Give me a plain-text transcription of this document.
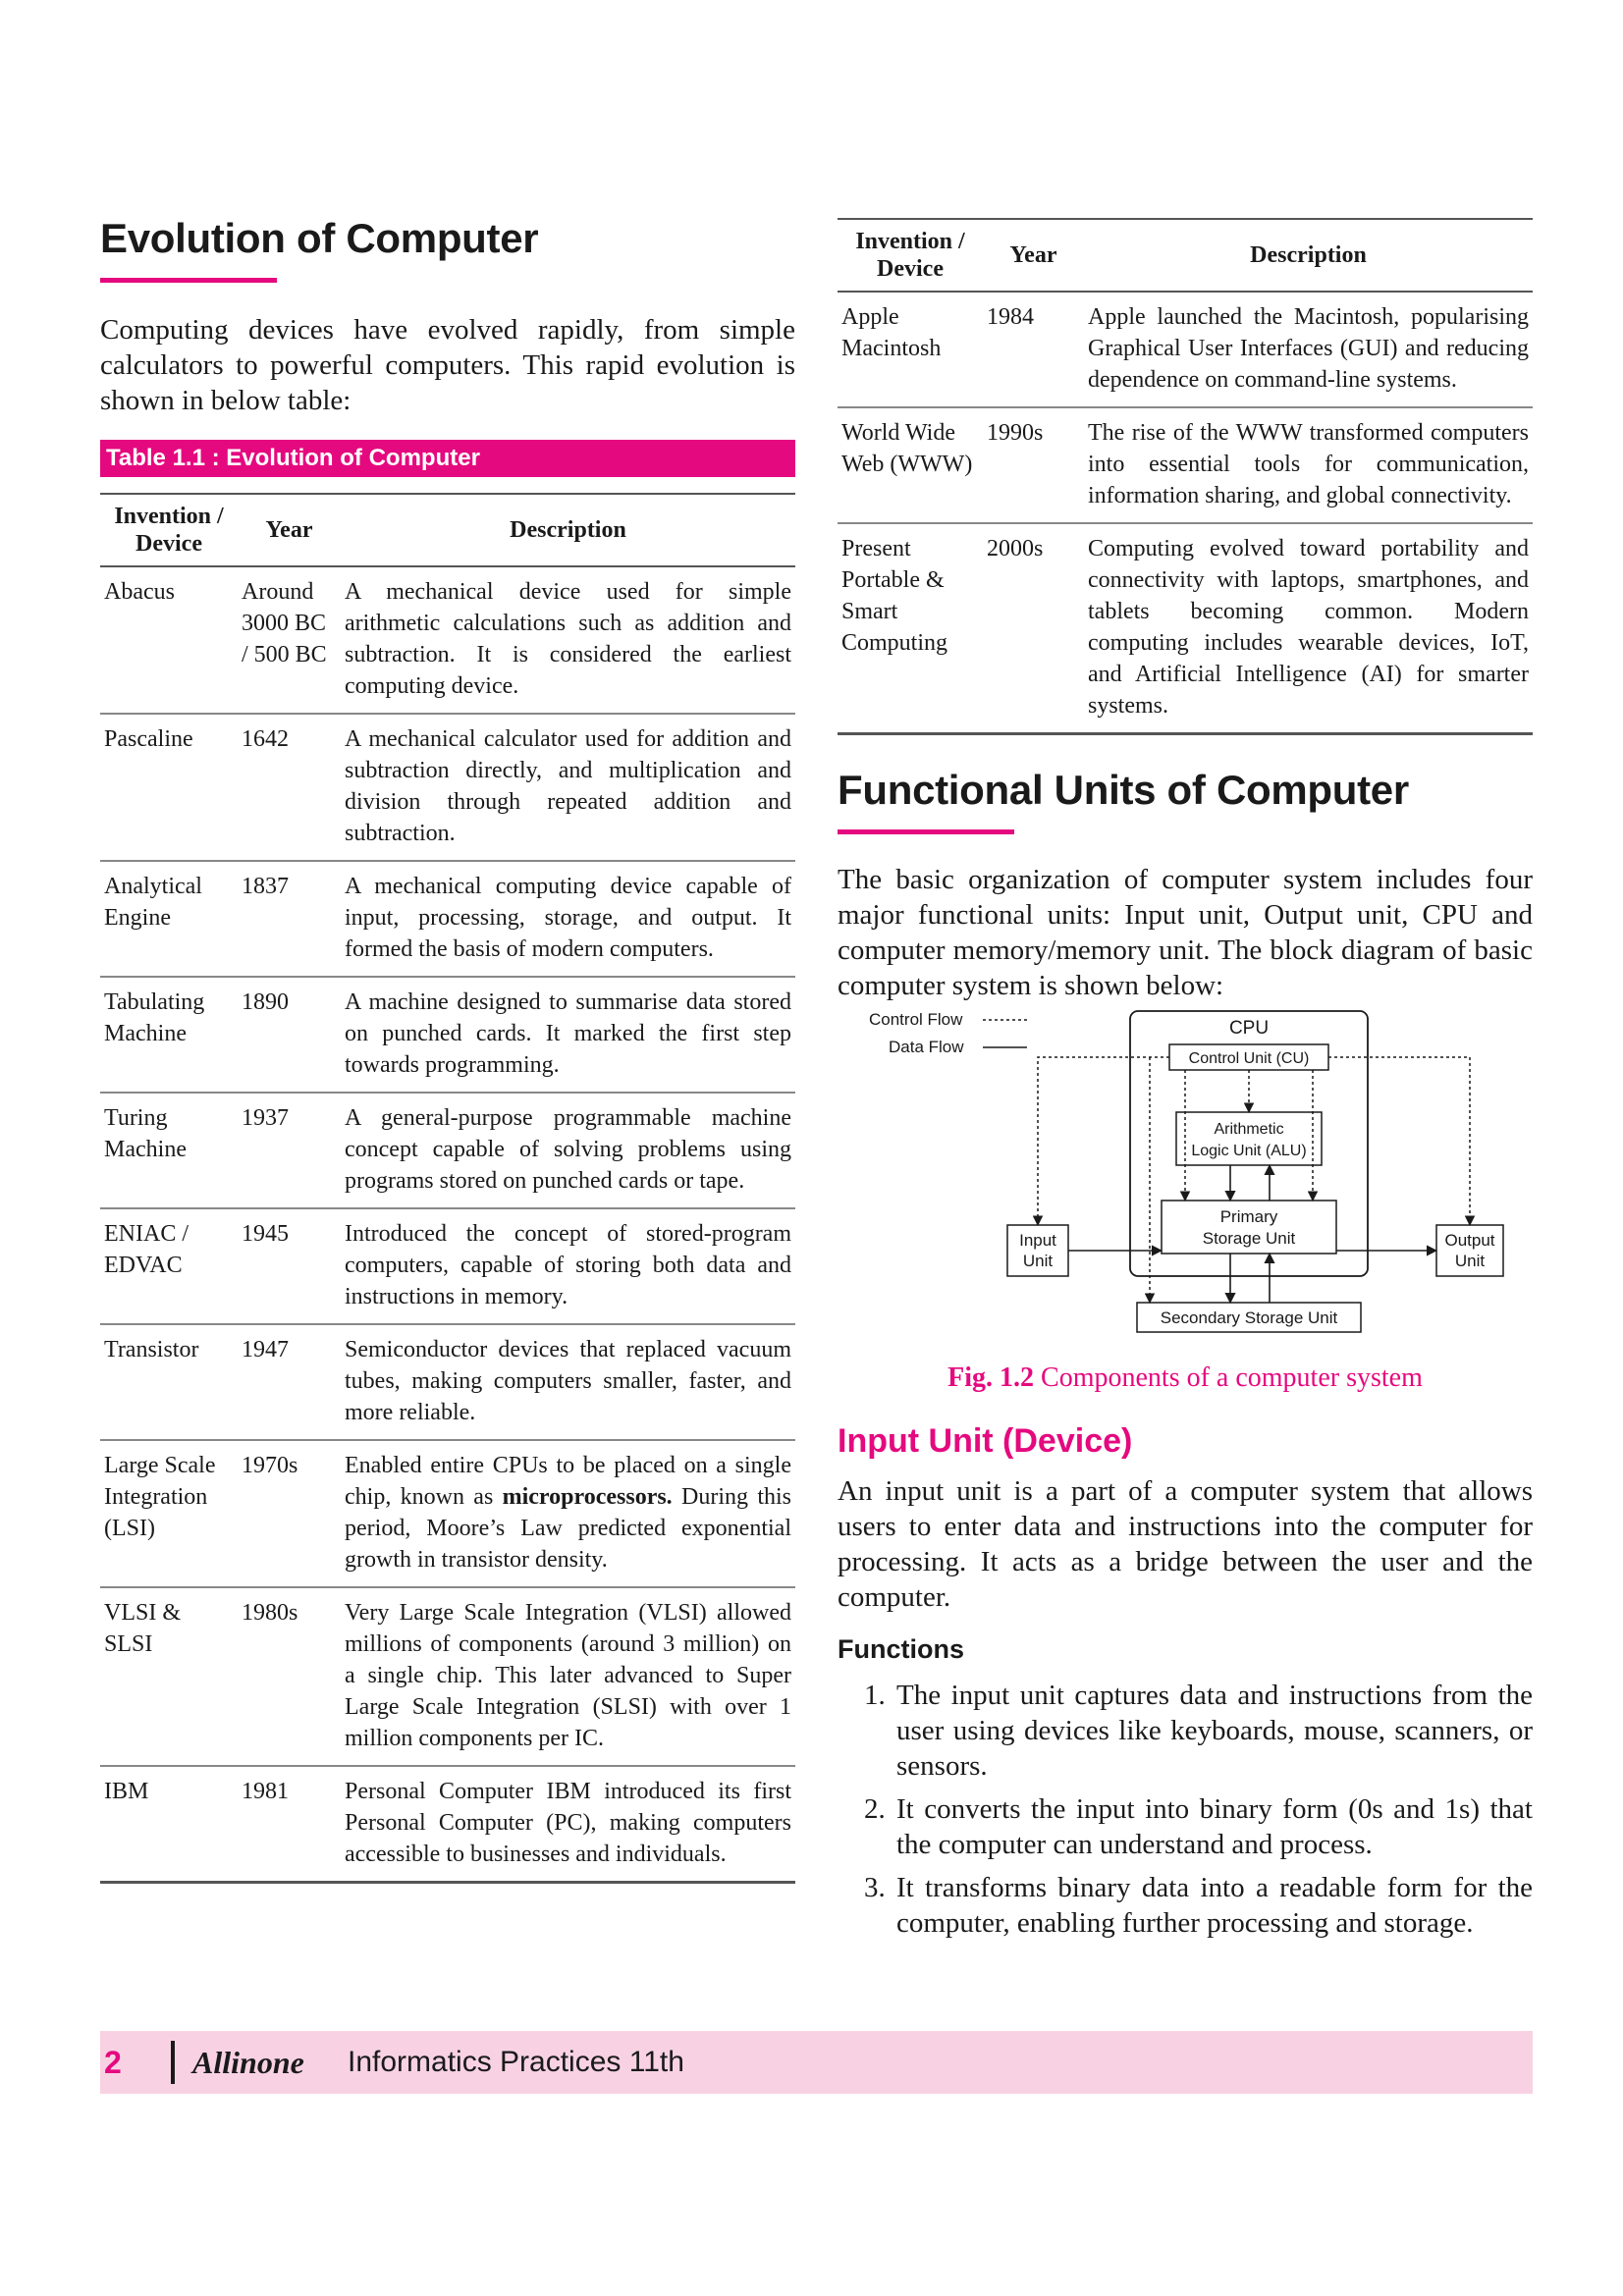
Evolution of Computer

Computing devices have evolved rapidly, from simple calculators to powerful computers. This rapid evolution is shown in below table:

Table 1.1 : Evolution of Computer
Invention / Device	Year	Description
Abacus	Around 3000 BC / 500 BC	A mechanical device used for simple arithmetic calculations such as addition and subtraction. It is considered the earliest computing device.
Pascaline	1642	A mechanical calculator used for addition and subtraction directly, and multiplication and division through repeated addition and subtraction.
Analytical Engine	1837	A mechanical computing device capable of input, processing, storage, and output. It formed the basis of modern computers.
Tabulating Machine	1890	A machine designed to summarise data stored on punched cards. It marked the first step towards programming.
Turing Machine	1937	A general-purpose programmable machine concept capable of solving problems using programs stored on punched cards or tape.
ENIAC / EDVAC	1945	Introduced the concept of stored-program computers, capable of storing both data and instructions in memory.
Transistor	1947	Semiconductor devices that replaced vacuum tubes, making computers smaller, faster, and more reliable.
Large Scale Integration (LSI)	1970s	Enabled entire CPUs to be placed on a single chip, known as microprocessors. During this period, Moore’s Law predicted exponential growth in transistor density.
VLSI & SLSI	1980s	Very Large Scale Integration (VLSI) allowed millions of components (around 3 million) on a single chip. This later advanced to Super Large Scale Integration (SLSI) with over 1 million components per IC.
IBM	1981	Personal Computer IBM introduced its first Personal Computer (PC), making computers accessible to businesses and individuals.
Invention / Device	Year	Description
Apple Macintosh	1984	Apple launched the Macintosh, popularising Graphical User Interfaces (GUI) and reducing dependence on command-line systems.
World Wide Web (WWW)	1990s	The rise of the WWW transformed computers into essential tools for communication, information sharing, and global connectivity.
Present Portable & Smart Computing	2000s	Computing evolved toward portability and connectivity with laptops, smartphones, and tablets becoming common. Modern computing includes wearable devices, IoT, and Artificial Intelligence (AI) for smarter systems.
Functional Units of Computer

The basic organization of computer system includes four major functional units: Input unit, Output unit, CPU and computer memory/memory unit. The block diagram of basic computer system is shown below:

Control Flow
Data Flow
CPU
Control Unit (CU)
Arithmetic
Logic Unit (ALU)
Primary
Storage Unit
Input
Unit
Output
Unit
Secondary Storage Unit
Fig. 1.2 Components of a computer system
Input Unit (Device)

An input unit is a part of a computer system that allows users to enter data and instructions into the computer for processing. It acts as a bridge between the user and the computer.

Functions
1. The input unit captures data and instructions from the user using devices like keyboards, mouse, scanners, or sensors.
2. It converts the input into binary form (0s and 1s) that the computer can understand and process.
3. It transforms binary data into a readable form for the computer, enabling further processing and storage.
2 Allinone Informatics Practices 11th
